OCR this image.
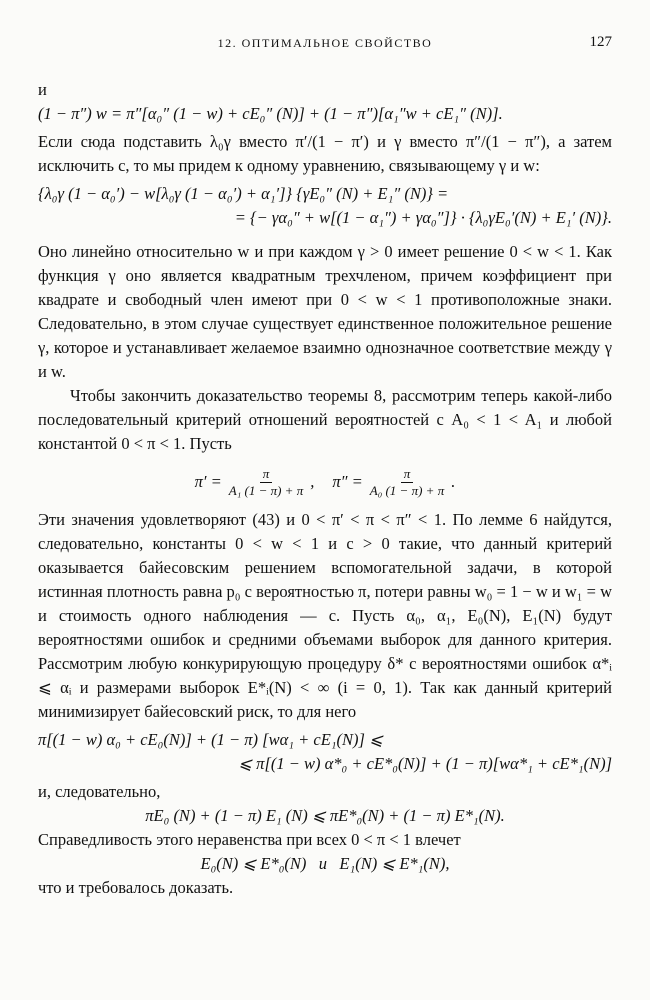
12. ОПТИМАЛЬНОЕ СВОЙСТВО	127
и
(1 − π″) w = π″[α₀″ (1 − w) + cE₀″ (N)] + (1 − π″)[α₁″w + cE₁″ (N)].
Если сюда подставить λ₀γ вместо π′/(1 − π′) и γ вместо π″/(1 − π″), а затем исключить c, то мы придем к одному уравнению, связывающему γ и w:
{λ₀γ (1 − α₀′) − w[λ₀γ (1 − α₀′) + α₁′]} {γE₀″ (N) + E₁″ (N)} =
= {− γα₀″ + w[(1 − α₁″) + γα₀″]} · {λ₀γE₀′(N) + E₁′ (N)}.
Оно линейно относительно w и при каждом γ > 0 имеет решение 0 < w < 1. Как функция γ оно является квадратным трехчленом, причем коэффициент при квадрате и свободный член имеют при 0 < w < 1 противоположные знаки. Следовательно, в этом случае существует единственное положительное решение γ, которое и устанавливает желаемое взаимно однозначное соответствие между γ и w.
Чтобы закончить доказательство теоремы 8, рассмотрим теперь какой-либо последовательный критерий отношений вероятностей с A₀ < 1 < A₁ и любой константой 0 < π < 1. Пусть
$\pi' = \frac{\pi}{\text{A₁ (1 − π) + π}}$ , $\pi'' = \frac{\pi}{\text{A₀ (1 − π) + π}}$ .
Эти значения удовлетворяют (43) и 0 < π′ < π < π″ < 1. По лемме 6 найдутся, следовательно, константы 0 < w < 1 и c > 0 такие, что данный критерий оказывается байесовским решением вспомогательной задачи, в которой истинная плотность равна p₀ с вероятностью π, потери равны w₀ = 1 − w и w₁ = w и стоимость одного наблюдения — c. Пусть α₀, α₁, E₀(N), E₁(N) будут вероятностями ошибок и средними объемами выборок для данного критерия. Рассмотрим любую конкурирующую процедуру δ* с вероятностями ошибок α*ᵢ ⩽ αᵢ и размерами выборок E*ᵢ(N) < ∞ (i = 0, 1). Так как данный критерий минимизирует байесовский риск, то для него
π[(1 − w) α₀ + cE₀(N)] + (1 − π) [wα₁ + cE₁(N)] ⩽
⩽ π[(1 − w) α*₀ + cE*₀(N)] + (1 − π)[wα*₁ + cE*₁(N)]
и, следовательно,
πE₀ (N) + (1 − π) E₁ (N) ⩽ πE*₀(N) + (1 − π) E*₁(N).
Справедливость этого неравенства при всех 0 < π < 1 влечет
E₀(N) ⩽ E*₀(N)   и   E₁(N) ⩽ E*₁(N),
что и требовалось доказать.
